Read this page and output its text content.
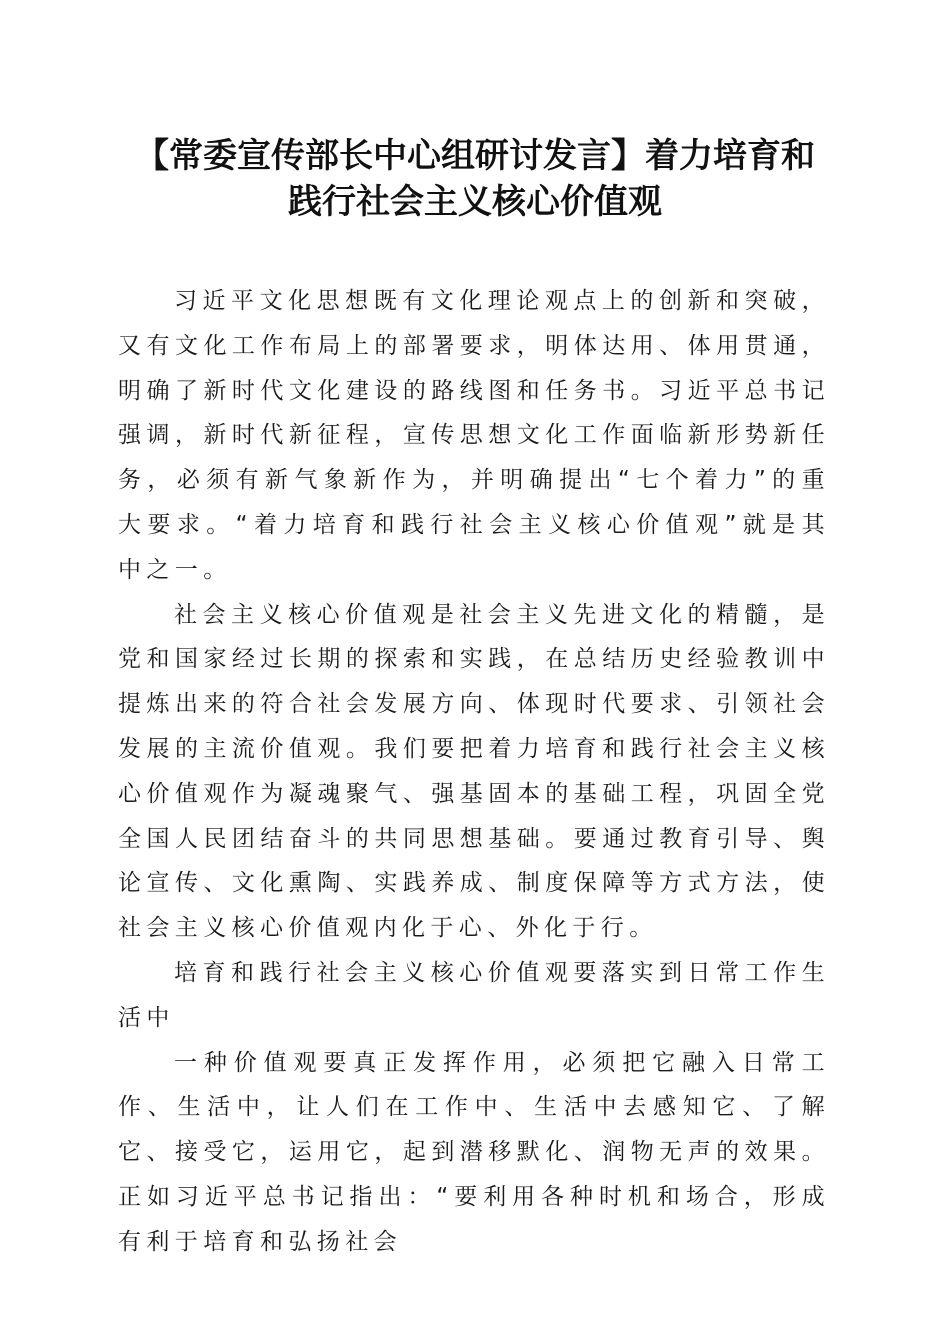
【常委宣传部长中心组研讨发言】着力培育和
践行社会主义核心价值观

习近平文化思想既有文化理论观点上的创新和突破，又有文化工作布局上的部署要求，明体达用、体用贯通，明确了新时代文化建设的路线图和任务书。习近平总书记强调，新时代新征程，宣传思想文化工作面临新形势新任务，必须有新气象新作为，并明确提出“七个着力”的重大要求。“着力培育和践行社会主义核心价值观”就是其中之一。

社会主义核心价值观是社会主义先进文化的精髓，是党和国家经过长期的探索和实践，在总结历史经验教训中提炼出来的符合社会发展方向、体现时代要求、引领社会发展的主流价值观。我们要把着力培育和践行社会主义核心价值观作为凝魂聚气、强基固本的基础工程，巩固全党全国人民团结奋斗的共同思想基础。要通过教育引导、舆论宣传、文化熏陶、实践养成、制度保障等方式方法，使社会主义核心价值观内化于心、外化于行。

培育和践行社会主义核心价值观要落实到日常工作生活中

一种价值观要真正发挥作用，必须把它融入日常工作、生活中，让人们在工作中、生活中去感知它、了解它、接受它，运用它，起到潜移默化、润物无声的效果。正如习近平总书记指出：“要利用各种时机和场合，形成有利于培育和弘扬社会
